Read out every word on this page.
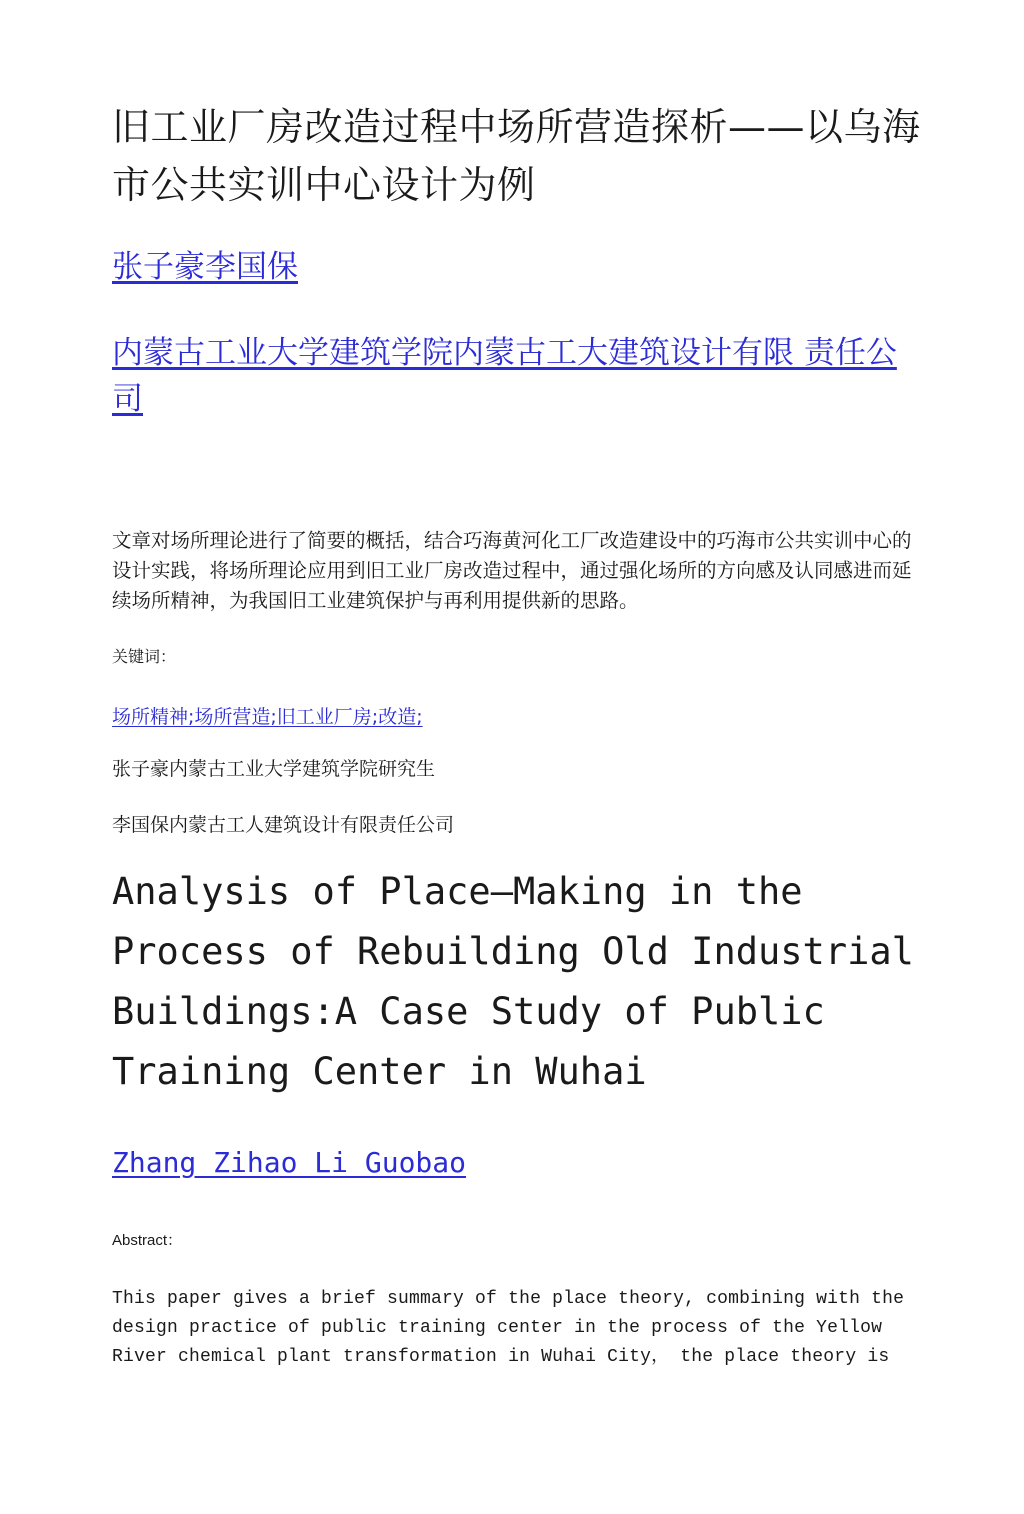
旧工业厂房改造过程中场所营造探析——以乌海市公共实训中心设计为例
张子豪李国保
内蒙古工业大学建筑学院内蒙古工大建筑设计有限 责任公司

文章对场所理论进行了简要的概括，结合巧海黄河化工厂改造建设中的巧海市公共实训中心的设计实践，将场所理论应用到旧工业厂房改造过程中，通过强化场所的方向感及认同感进而延续场所精神，为我国旧工业建筑保护与再利用提供新的思路。

关键词：
场所精神;场所营造;旧工业厂房;改造;
张子豪内蒙古工业大学建筑学院研究生
李国保内蒙古工人建筑设计有限责任公司
Analysis of Place—Making in the Process of Rebuilding Old Industrial Buildings:A Case Study of Public Training Center in Wuhai
Zhang Zihao Li Guobao
Abstract：

This paper gives a brief summary of the place theory, combining with the design practice of public training center in the process of the Yellow River chemical plant transformation in Wuhai City， the place theory is
